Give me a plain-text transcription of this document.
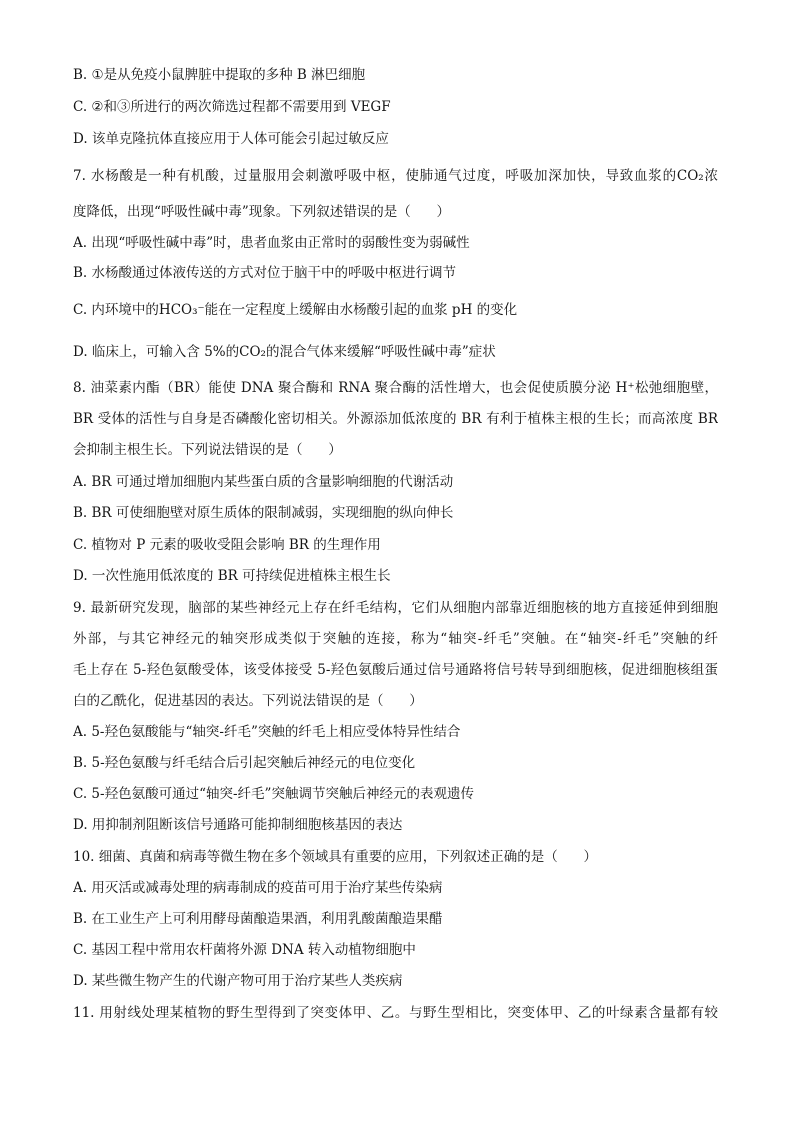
B. ①是从免疫小鼠脾脏中提取的多种 B 淋巴细胞
C. ②和③所进行的两次筛选过程都不需要用到 VEGF
D. 该单克隆抗体直接应用于人体可能会引起过敏反应
7. 水杨酸是一种有机酸，过量服用会刺激呼吸中枢，使肺通气过度，呼吸加深加快，导致血浆的CO₂浓
度降低，出现“呼吸性碱中毒”现象。下列叙述错误的是（      ）
A. 出现“呼吸性碱中毒”时，患者血浆由正常时的弱酸性变为弱碱性
B. 水杨酸通过体液传送的方式对位于脑干中的呼吸中枢进行调节
C. 内环境中的HCO₃⁻能在一定程度上缓解由水杨酸引起的血浆 pH 的变化
D. 临床上，可输入含 5%的CO₂的混合气体来缓解“呼吸性碱中毒”症状
8. 油菜素内酯（BR）能使 DNA 聚合酶和 RNA 聚合酶的活性增大，也会促使质膜分泌 H⁺松弛细胞壁，
BR 受体的活性与自身是否磷酸化密切相关。外源添加低浓度的 BR 有利于植株主根的生长；而高浓度 BR
会抑制主根生长。下列说法错误的是（      ）
A. BR 可通过增加细胞内某些蛋白质的含量影响细胞的代谢活动
B. BR 可使细胞壁对原生质体的限制减弱，实现细胞的纵向伸长
C. 植物对 P 元素的吸收受阻会影响 BR 的生理作用
D. 一次性施用低浓度的 BR 可持续促进植株主根生长
9. 最新研究发现，脑部的某些神经元上存在纤毛结构，它们从细胞内部靠近细胞核的地方直接延伸到细胞
外部，与其它神经元的轴突形成类似于突触的连接，称为“轴突-纤毛”突触。在“轴突-纤毛”突触的纤
毛上存在 5-羟色氨酸受体，该受体接受 5-羟色氨酸后通过信号通路将信号转导到细胞核，促进细胞核组蛋
白的乙酰化，促进基因的表达。下列说法错误的是（      ）
A. 5-羟色氨酸能与“轴突-纤毛”突触的纤毛上相应受体特异性结合
B. 5-羟色氨酸与纤毛结合后引起突触后神经元的电位变化
C. 5-羟色氨酸可通过“轴突-纤毛”突触调节突触后神经元的表观遗传
D. 用抑制剂阻断该信号通路可能抑制细胞核基因的表达
10. 细菌、真菌和病毒等微生物在多个领域具有重要的应用，下列叙述正确的是（      ）
A. 用灭活或减毒处理的病毒制成的疫苗可用于治疗某些传染病
B. 在工业生产上可利用酵母菌酿造果酒，利用乳酸菌酿造果醋
C. 基因工程中常用农杆菌将外源 DNA 转入动植物细胞中
D. 某些微生物产生的代谢产物可用于治疗某些人类疾病
11. 用射线处理某植物的野生型得到了突变体甲、乙。与野生型相比，突变体甲、乙的叶绿素含量都有较
